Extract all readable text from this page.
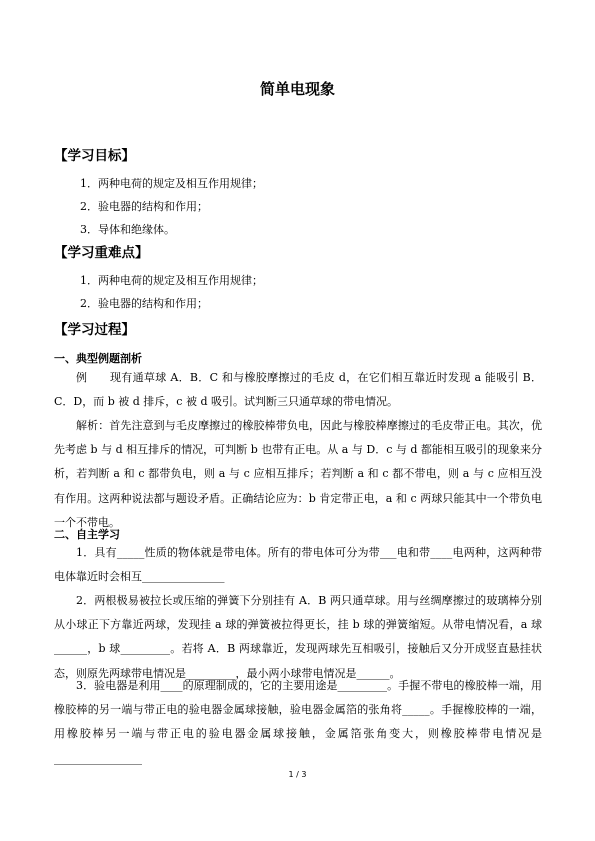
简单电现象
【学习目标】
1．两种电荷的规定及相互作用规律；
2．验电器的结构和作用；
3．导体和绝缘体。
【学习重难点】
1．两种电荷的规定及相互作用规律；
2．验电器的结构和作用；
【学习过程】
一、典型例题剖析

例　　现有通草球 A．B．C 和与橡胶摩擦过的毛皮 d，在它们相互靠近时发现 a 能吸引 B．C．D，而 b 被 d 排斥，c 被 d 吸引。试判断三只通草球的带电情况。

解析：首先注意到与毛皮摩擦过的橡胶棒带负电，因此与橡胶棒摩擦过的毛皮带正电。其次，优先考虑 b 与 d 相互排斥的情况，可判断 b 也带有正电。从 a 与 D．c 与 d 都能相互吸引的现象来分析，若判断 a 和 c 都带负电，则 a 与 c 应相互排斥；若判断 a 和 c 都不带电，则 a 与 c 应相互没有作用。这两种说法都与题设矛盾。正确结论应为：b 肯定带正电，a 和 c 两球只能其中一个带负电一个不带电。

二、自主学习

1．具有_____性质的物体就是带电体。所有的带电体可分为带___电和带____电两种，这两种带电体靠近时会相互_______________

2．两根极易被拉长或压缩的弹簧下分别挂有 A．B 两只通草球。用与丝绸摩擦过的玻璃棒分别从小球正下方靠近两球，发现挂 a 球的弹簧被拉得更长，挂 b 球的弹簧缩短。从带电情况看，a 球______，b 球_________。若将 A．B 两球靠近，发现两球先互相吸引，接触后又分开成竖直悬挂状态，则原先两球带电情况是_________，最小两小球带电情况是______。

3．验电器是利用____的原理制成的，它的主要用途是_________。手握不带电的橡胶棒一端，用橡胶棒的另一端与带正电的验电器金属球接触，验电器金属箔的张角将_____。手握橡胶棒的一端，用橡胶棒另一端与带正电的验电器金属球接触，金属箔张角变大，则橡胶棒带电情况是________________

1 / 3
